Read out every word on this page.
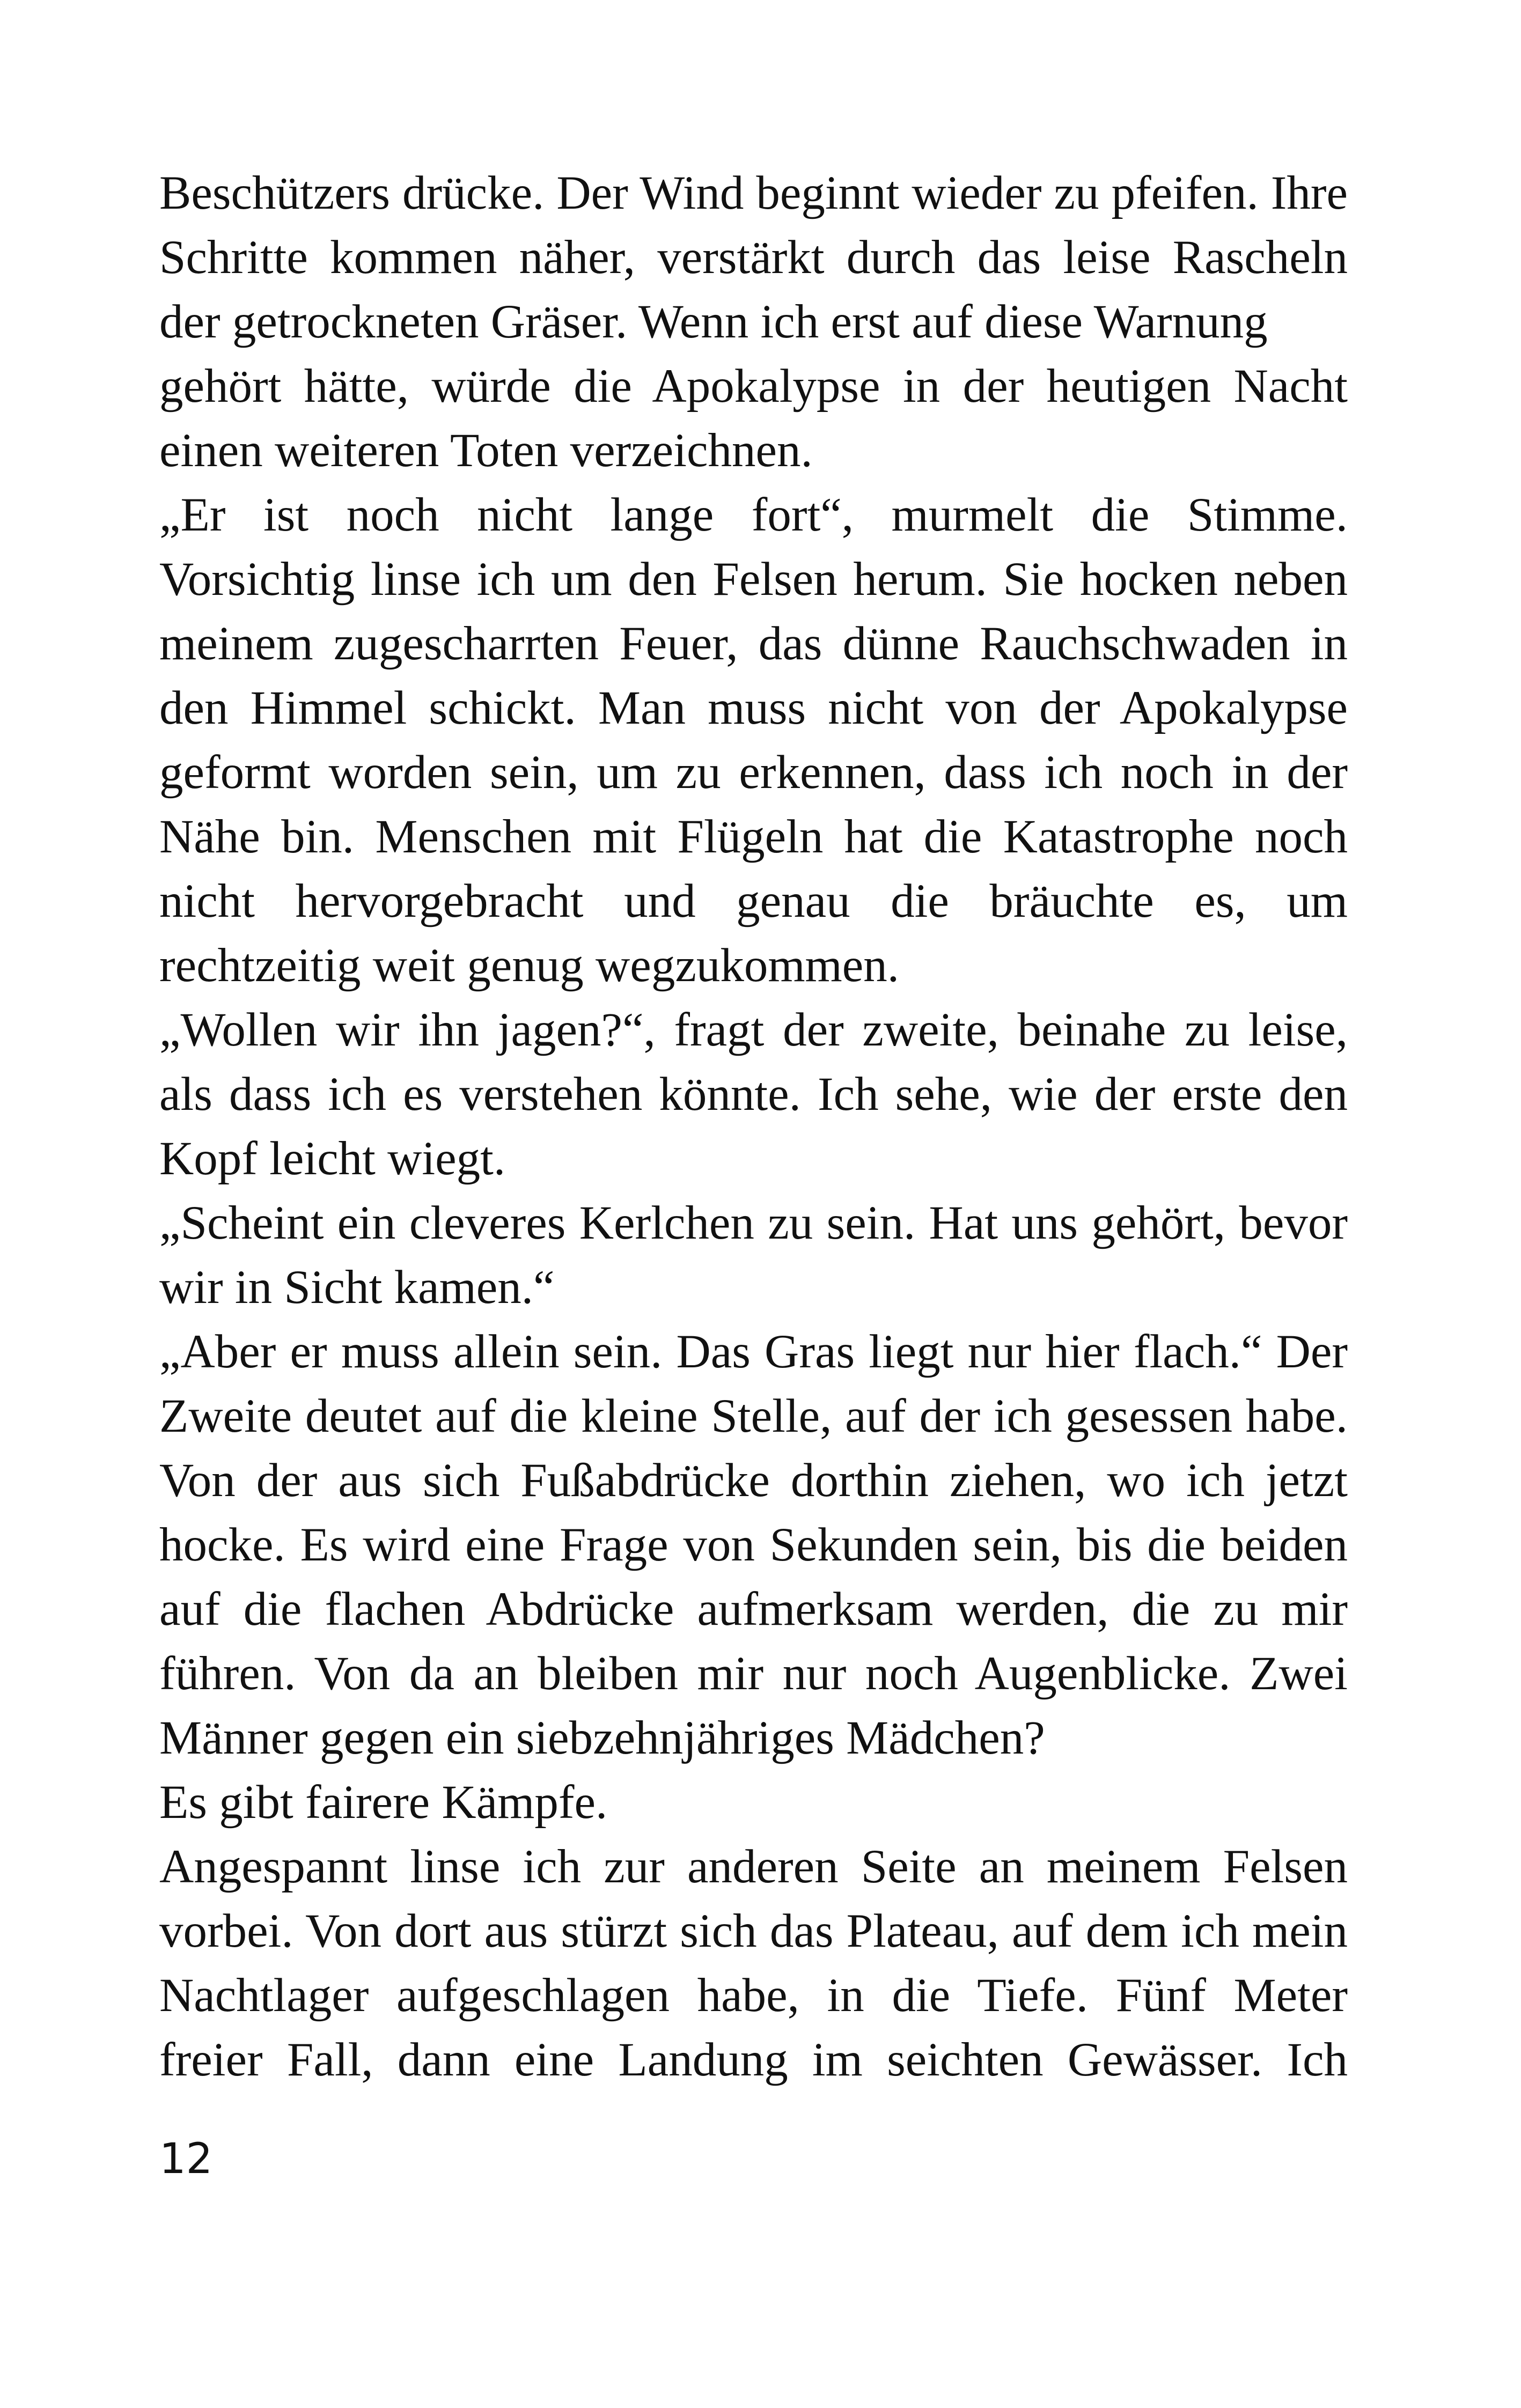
Beschützers drücke. Der Wind beginnt wieder zu pfeifen. Ihre
Schritte kommen näher, verstärkt durch das leise Rascheln
der getrockneten Gräser. Wenn ich erst auf diese Warnung
gehört hätte, würde die Apokalypse in der heutigen Nacht
einen weiteren Toten verzeichnen.
„Er ist noch nicht lange fort“, murmelt die Stimme.
Vorsichtig linse ich um den Felsen herum. Sie hocken neben
meinem zugescharrten Feuer, das dünne Rauchschwaden in
den Himmel schickt. Man muss nicht von der Apokalypse
geformt worden sein, um zu erkennen, dass ich noch in der
Nähe bin. Menschen mit Flügeln hat die Katastrophe noch
nicht hervorgebracht und genau die bräuchte es, um
rechtzeitig weit genug wegzukommen.
„Wollen wir ihn jagen?“, fragt der zweite, beinahe zu leise,
als dass ich es verstehen könnte. Ich sehe, wie der erste den
Kopf leicht wiegt.
„Scheint ein cleveres Kerlchen zu sein. Hat uns gehört, bevor
wir in Sicht kamen.“
„Aber er muss allein sein. Das Gras liegt nur hier flach.“ Der
Zweite deutet auf die kleine Stelle, auf der ich gesessen habe.
Von der aus sich Fußabdrücke dorthin ziehen, wo ich jetzt
hocke. Es wird eine Frage von Sekunden sein, bis die beiden
auf die flachen Abdrücke aufmerksam werden, die zu mir
führen. Von da an bleiben mir nur noch Augenblicke. Zwei
Männer gegen ein siebzehnjähriges Mädchen?
Es gibt fairere Kämpfe.
Angespannt linse ich zur anderen Seite an meinem Felsen
vorbei. Von dort aus stürzt sich das Plateau, auf dem ich mein
Nachtlager aufgeschlagen habe, in die Tiefe. Fünf Meter
freier Fall, dann eine Landung im seichten Gewässer. Ich
12
